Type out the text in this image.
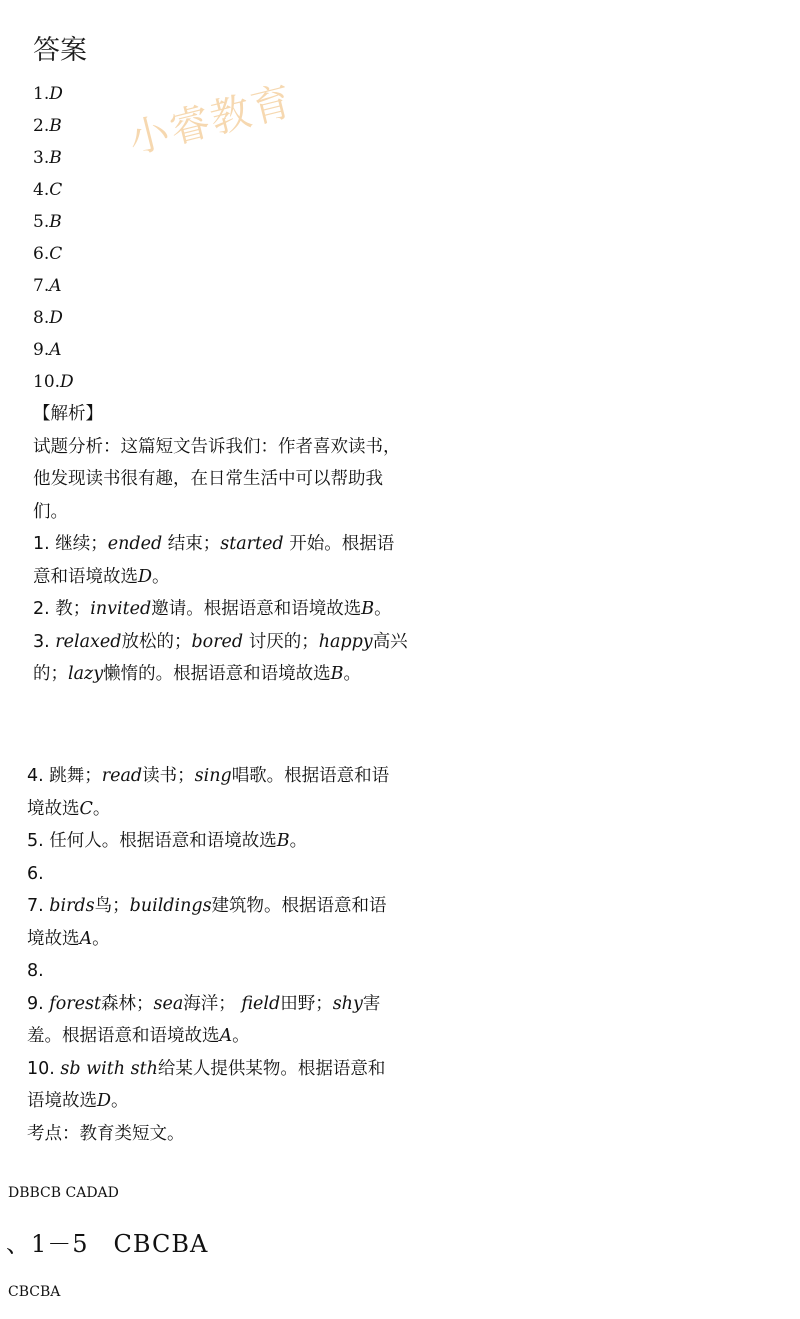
答案
小睿教育
1.D
2.B
3.B
4.C
5.B
6.C
7.A
8.D
9.A
10.D

【解析】

试题分析：这篇短文告诉我们：作者喜欢读书，他发现读书很有趣，在日常生活中可以帮助我们。

1. 继续；ended 结束；started 开始。根据语意和语境故选D。

2. 教；invited邀请。根据语意和语境故选B。

3. relaxed放松的；bored 讨厌的；happy高兴的；lazy懒惰的。根据语意和语境故选B。

4. 跳舞；read读书；sing唱歌。根据语意和语境故选C。

5. 任何人。根据语意和语境故选B。

6.

7. birds鸟；buildings建筑物。根据语意和语境故选A。

8.

9. forest森林；sea海洋； field田野；shy害羞。根据语意和语境故选A。

10. sb with sth给某人提供某物。根据语意和语境故选D。

考点：教育类短文。

DBBCB CADAD
、1－5　CBCBA
CBCBA
